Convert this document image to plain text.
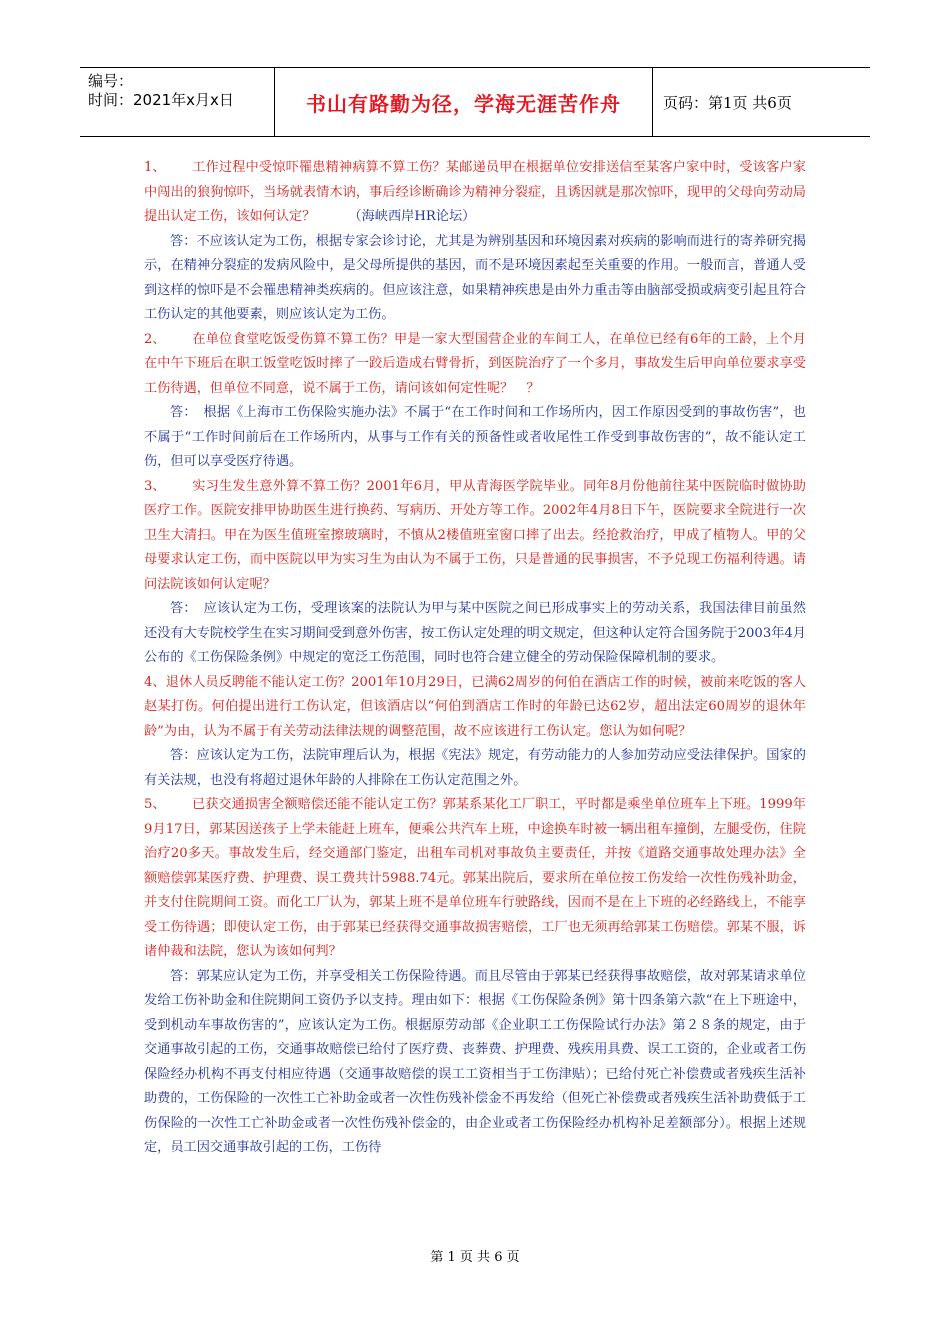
编号：
时间：2021年x月x日	书山有路勤为径，学海无涯苦作舟	页码：第1页 共6页

1、 工作过程中受惊吓罹患精神病算不算工伤？某邮递员甲在根据单位安排送信至某客户家中时，受该客户家中闯出的狼狗惊吓，当场就表情木讷，事后经诊断确诊为精神分裂症，且诱因就是那次惊吓，现甲的父母向劳动局提出认定工伤，该如何认定？　　　	（海峡西岸HR论坛）

答：不应该认定为工伤，根据专家会诊讨论，尤其是为辨别基因和环境因素对疾病的影响而进行的寄养研究揭示，在精神分裂症的发病风险中，是父母所提供的基因，而不是环境因素起至关重要的作用。一般而言，普通人受到这样的惊吓是不会罹患精神类疾病的。但应该注意，如果精神疾患是由外力重击等由脑部受损或病变引起且符合工伤认定的其他要素，则应该认定为工伤。

2、 在单位食堂吃饭受伤算不算工伤？甲是一家大型国营企业的车间工人，在单位已经有6年的工龄，上个月在中午下班后在职工饭堂吃饭时摔了一跤后造成右臂骨折，到医院治疗了一个多月，事故发生后甲向单位要求享受工伤待遇，但单位不同意，说不属于工伤，请问该如何定性呢？　？

答：　根据《上海市工伤保险实施办法》不属于“在工作时间和工作场所内，因工作原因受到的事故伤害”，也不属于“工作时间前后在工作场所内，从事与工作有关的预备性或者收尾性工作受到事故伤害的”，故不能认定工伤，但可以享受医疗待遇。

3、 实习生发生意外算不算工伤？2001年6月，甲从青海医学院毕业。同年8月份他前往某中医院临时做协助医疗工作。医院安排甲协助医生进行换药、写病历、开处方等工作。2002年4月8日下午，医院要求全院进行一次卫生大清扫。甲在为医生值班室擦玻璃时，不慎从2楼值班室窗口摔了出去。经抢救治疗，甲成了植物人。甲的父母要求认定工伤，而中医院以甲为实习生为由认为不属于工伤，只是普通的民事损害，不予兑现工伤福利待遇。请问法院该如何认定呢？

答：　应该认定为工伤，受理该案的法院认为甲与某中医院之间已形成事实上的劳动关系，我国法律目前虽然还没有大专院校学生在实习期间受到意外伤害，按工伤认定处理的明文规定，但这种认定符合国务院于2003年4月公布的《工伤保险条例》中规定的宽泛工伤范围，同时也符合建立健全的劳动保险保障机制的要求。

4、退休人员反聘能不能认定工伤？2001年10月29日，已满62周岁的何伯在酒店工作的时候，被前来吃饭的客人赵某打伤。何伯提出进行工伤认定，但该酒店以“何伯到酒店工作时的年龄已达62岁，超出法定60周岁的退休年龄”为由，认为不属于有关劳动法律法规的调整范围，故不应该进行工伤认定。您认为如何呢？

答：应该认定为工伤，法院审理后认为，根据《宪法》规定，有劳动能力的人参加劳动应受法律保护。国家的有关法规，也没有将超过退休年龄的人排除在工伤认定范围之外。

5、 已获交通损害全额赔偿还能不能认定工伤？郭某系某化工厂职工，平时都是乘坐单位班车上下班。1999年9月17日，郭某因送孩子上学未能赶上班车，便乘公共汽车上班，中途换车时被一辆出租车撞倒，左腿受伤，住院治疗20多天。事故发生后，经交通部门鉴定，出租车司机对事故负主要责任，并按《道路交通事故处理办法》全额赔偿郭某医疗费、护理费、误工费共计5988.74元。郭某出院后，要求所在单位按工伤发给一次性伤残补助金，并支付住院期间工资。而化工厂认为，郭某上班不是单位班车行驶路线，因而不是在上下班的必经路线上，不能享受工伤待遇；即使认定工伤，由于郭某已经获得交通事故损害赔偿，工厂也无须再给郭某工伤赔偿。郭某不服，诉诸仲裁和法院，您认为该如何判？

答：郭某应认定为工伤，并享受相关工伤保险待遇。而且尽管由于郭某已经获得事故赔偿，故对郭某请求单位发给工伤补助金和住院期间工资仍予以支持。理由如下：根据《工伤保险条例》第十四条第六款“在上下班途中，受到机动车事故伤害的”，应该认定为工伤。根据原劳动部《企业职工工伤保险试行办法》第２８条的规定，由于交通事故引起的工伤，交通事故赔偿已给付了医疗费、丧葬费、护理费、残疾用具费、误工工资的，企业或者工伤保险经办机构不再支付相应待遇（交通事故赔偿的误工工资相当于工伤津贴）；已给付死亡补偿费或者残疾生活补助费的，工伤保险的一次性工亡补助金或者一次性伤残补偿金不再发给（但死亡补偿费或者残疾生活补助费低于工伤保险的一次性工亡补助金或者一次性伤残补偿金的，由企业或者工伤保险经办机构补足差额部分）。根据上述规定，员工因交通事故引起的工伤，工伤待

第 1 页 共 6 页
